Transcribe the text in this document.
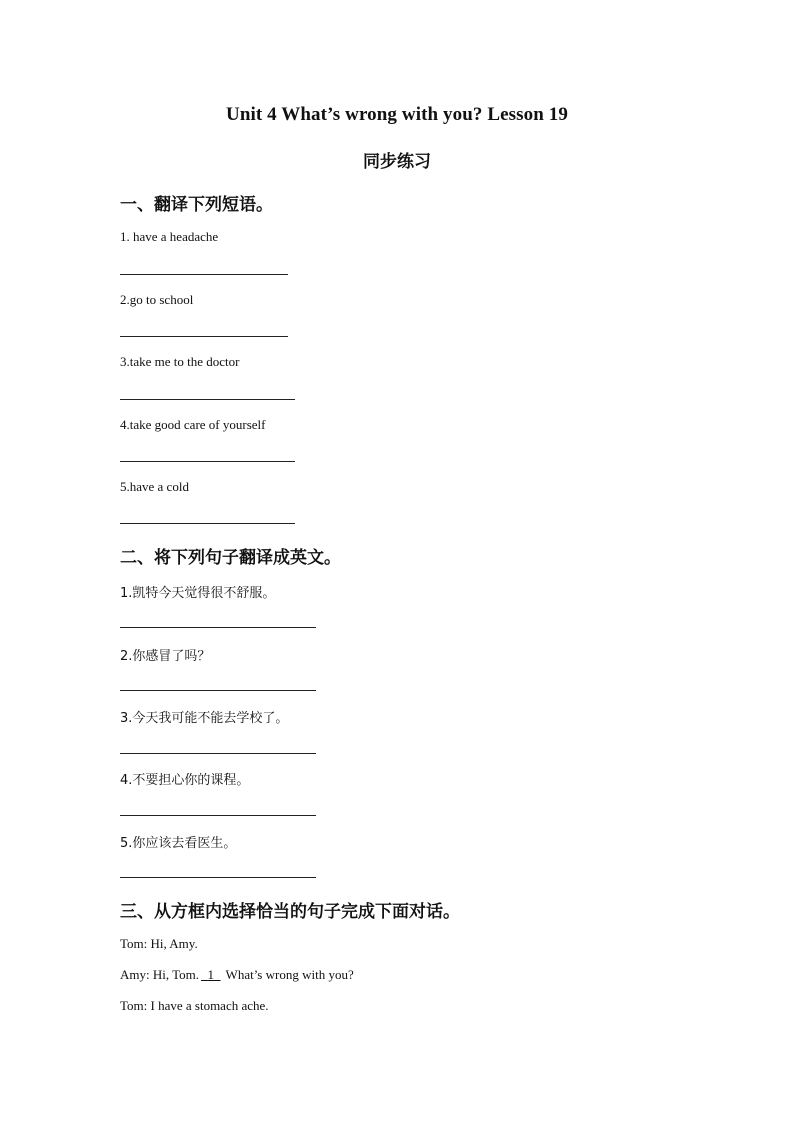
Unit 4 What’s wrong with you? Lesson 19
同步练习
一、翻译下列短语。
1. have a headache
2.go to school
3.take me to the doctor
4.take good care of yourself
5.have a cold
二、将下列句子翻译成英文。
1.凯特今天觉得很不舒服。
2.你感冒了吗？
3.今天我可能不能去学校了。
4.不要担心你的课程。
5.你应该去看医生。
三、从方框内选择恰当的句子完成下面对话。
Tom: Hi, Amy.
Amy: Hi, Tom. 1   What’s wrong with you?
Tom: I have a stomach ache.
